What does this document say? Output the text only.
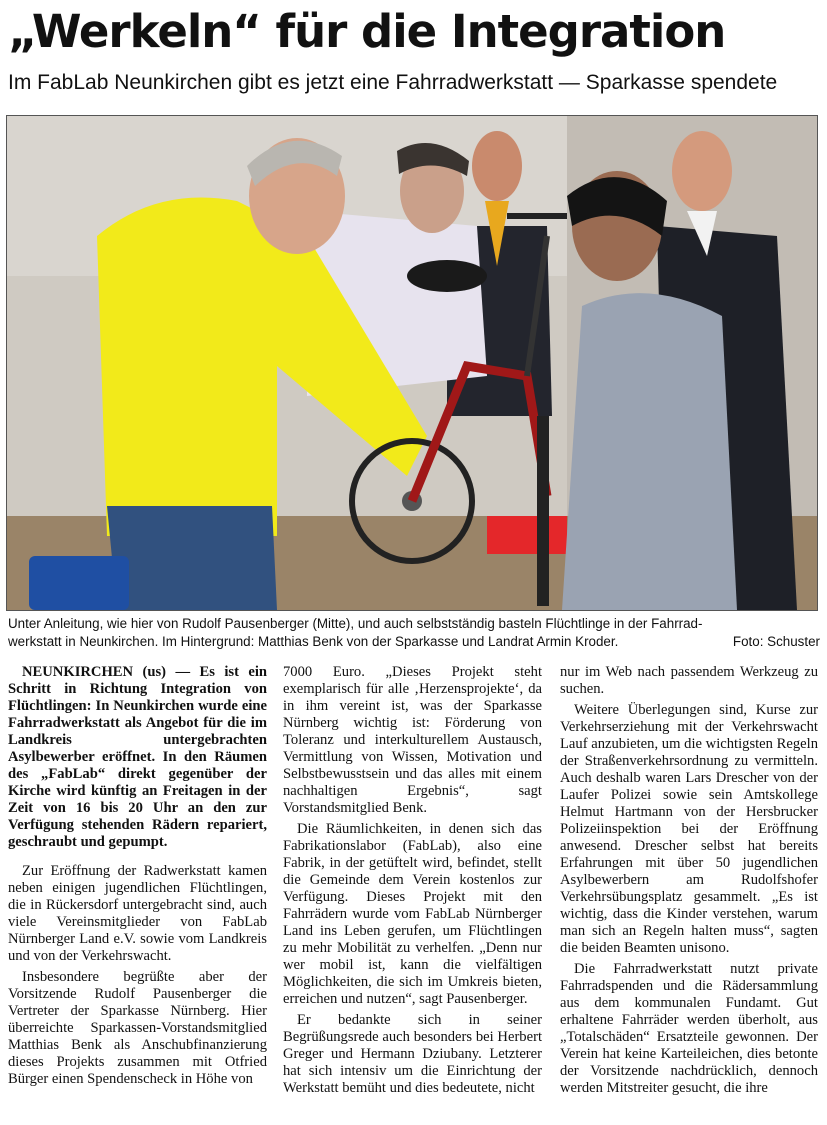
„Werkeln“ für die Integration
Im FabLab Neunkirchen gibt es jetzt eine Fahrradwerkstatt — Sparkasse spendete
Unter Anleitung, wie hier von Rudolf Pausenberger (Mitte), und auch selbstständig basteln Flüchtlinge in der Fahrrad-
werkstatt in Neunkirchen. Im Hintergrund: Matthias Benk von der Sparkasse und Landrat Armin Kroder.	Foto: Schuster

NEUNKIRCHEN (us) — Es ist ein Schritt in Richtung Integration von Flüchtlingen: In Neunkirchen wurde eine Fahrradwerkstatt als Angebot für die im Landkreis untergebrachten Asylbewerber eröffnet. In den Räumen des „FabLab“ direkt gegenüber der Kirche wird künftig an Freitagen in der Zeit von 16 bis 20 Uhr an den zur Verfügung stehenden Rädern repariert, geschraubt und gepumpt.

Zur Eröffnung der Radwerkstatt kamen neben einigen jugendlichen Flüchtlingen, die in Rückersdorf untergebracht sind, auch viele Vereinsmitglieder von FabLab Nürnberger Land e.V. sowie vom Landkreis und von der Verkehrswacht.

Insbesondere begrüßte aber der Vorsitzende Rudolf Pausenberger die Vertreter der Sparkasse Nürnberg. Hier überreichte Sparkassen-Vorstandsmitglied Matthias Benk als Anschubfinanzierung dieses Projekts zusammen mit Otfried Bürger einen Spendenscheck in Höhe von

7000 Euro. „Dieses Projekt steht exemplarisch für alle ‚Herzensprojekte‘, da in ihm vereint ist, was der Sparkasse Nürnberg wichtig ist: Förderung von Toleranz und interkulturellem Austausch, Vermittlung von Wissen, Motivation und Selbstbewusstsein und das alles mit einem nachhaltigen Ergebnis“, sagt Vorstandsmitglied Benk.

Die Räumlichkeiten, in denen sich das Fabrikationslabor (FabLab), also eine Fabrik, in der getüftelt wird, befindet, stellt die Gemeinde dem Verein kostenlos zur Verfügung. Dieses Projekt mit den Fahrrädern wurde vom FabLab Nürnberger Land ins Leben gerufen, um Flüchtlingen zu mehr Mobilität zu verhelfen. „Denn nur wer mobil ist, kann die vielfältigen Möglichkeiten, die sich im Umkreis bieten, erreichen und nutzen“, sagt Pausenberger.

Er bedankte sich in seiner Begrüßungsrede auch besonders bei Herbert Greger und Hermann Dziubany. Letzterer hat sich intensiv um die Einrichtung der Werkstatt bemüht und dies bedeutete, nicht

nur im Web nach passendem Werkzeug zu suchen.

Weitere Überlegungen sind, Kurse zur Verkehrserziehung mit der Verkehrswacht Lauf anzubieten, um die wichtigsten Regeln der Straßenverkehrsordnung zu vermitteln. Auch deshalb waren Lars Drescher von der Laufer Polizei sowie sein Amtskollege Helmut Hartmann von der Hersbrucker Polizeiinspektion bei der Eröffnung anwesend. Drescher selbst hat bereits Erfahrungen mit über 50 jugendlichen Asylbewerbern am Rudolfshofer Verkehrsübungsplatz gesammelt. „Es ist wichtig, dass die Kinder verstehen, warum man sich an Regeln halten muss“, sagten die beiden Beamten unisono.

Die Fahrradwerkstatt nutzt private Fahrradspenden und die Rädersammlung aus dem kommunalen Fundamt. Gut erhaltene Fahrräder werden überholt, aus „Totalschäden“ Ersatzteile gewonnen. Der Verein hat keine Karteileichen, dies betonte der Vorsitzende nachdrücklich, dennoch werden Mitstreiter gesucht, die ihre
